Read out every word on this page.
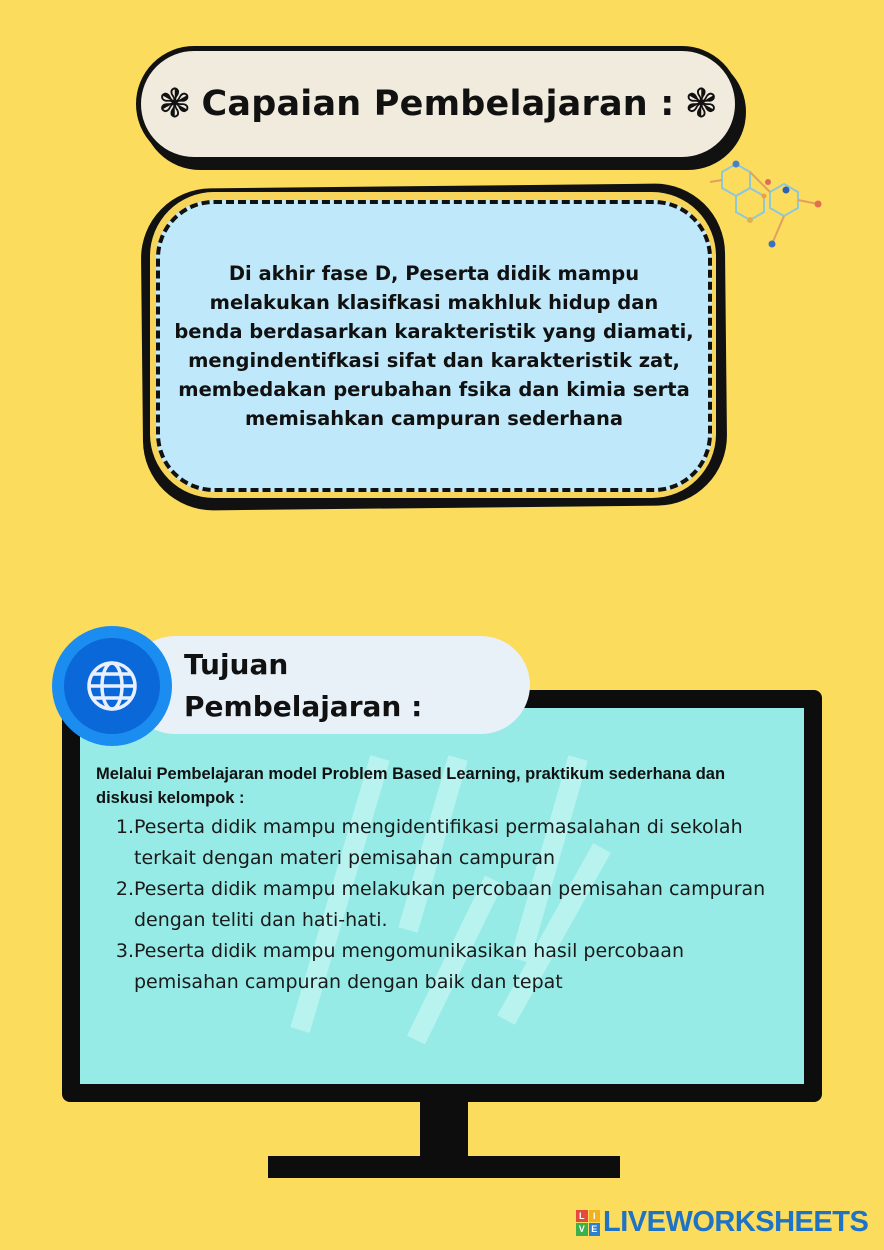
❃ Capaian Pembelajaran : ❃

Di akhir fase D, Peserta didik mampu melakukan klasifkasi makhluk hidup dan benda berdasarkan karakteristik yang diamati, mengindentifkasi sifat dan karakteristik zat, membedakan perubahan fsika dan kimia serta memisahkan campuran sederhana

Tujuan Pembelajaran :

Melalui Pembelajaran model Problem Based Learning, praktikum sederhana dan diskusi kelompok :

1. Peserta didik mampu mengidentifikasi permasalahan di sekolah terkait dengan materi pemisahan campuran
2. Peserta didik mampu melakukan percobaan pemisahan campuran dengan teliti dan hati-hati.
3. Peserta didik mampu mengomunikasikan hasil percobaan pemisahan campuran dengan baik dan tepat
L I
V E LIVEWORKSHEETS
